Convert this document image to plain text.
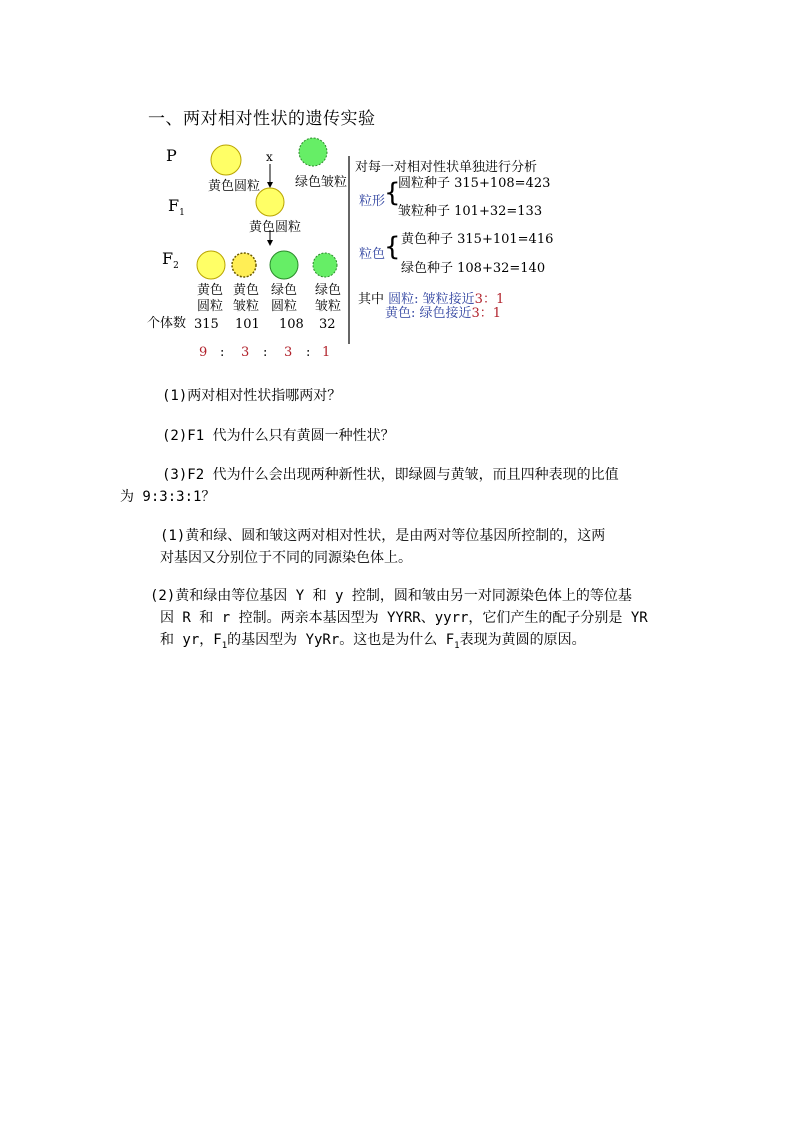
一、两对相对性状的遗传实验
P
$F_1$
$F_2$
x
黄色圆粒	绿色皱粒
黄色圆粒
黄色
圆粒
黄色
皱粒
绿色
圆粒
绿色
皱粒
个体数 315 101 108 32
9 : 3 : 3 : 1
对每一对相对性状单独进行分析
粒形
{
圆粒种子 315+108=423
皱粒种子 101+32=133
粒色
{ 黄色种子 315+101=416
绿色种子 108+32=140
其中 圆粒: 皱粒接近3：1
黄色: 绿色接近3：1
(1)两对相对性状指哪两对？
(2)F1 代为什么只有黄圆一种性状？
(3)F2 代为什么会出现两种新性状，即绿圆与黄皱，而且四种表现的比值
为 9:3:3:1？
(1)黄和绿、圆和皱这两对相对性状，是由两对等位基因所控制的，这两
对基因又分别位于不同的同源染色体上。
(2)黄和绿由等位基因 Y 和 y 控制，圆和皱由另一对同源染色体上的等位基
因 R 和 r 控制。两亲本基因型为 YYRR、yyrr，它们产生的配子分别是 YR
和 yr，$F_1$的基因型为 YyRr。这也是为什么 $F_1$表现为黄圆的原因。
